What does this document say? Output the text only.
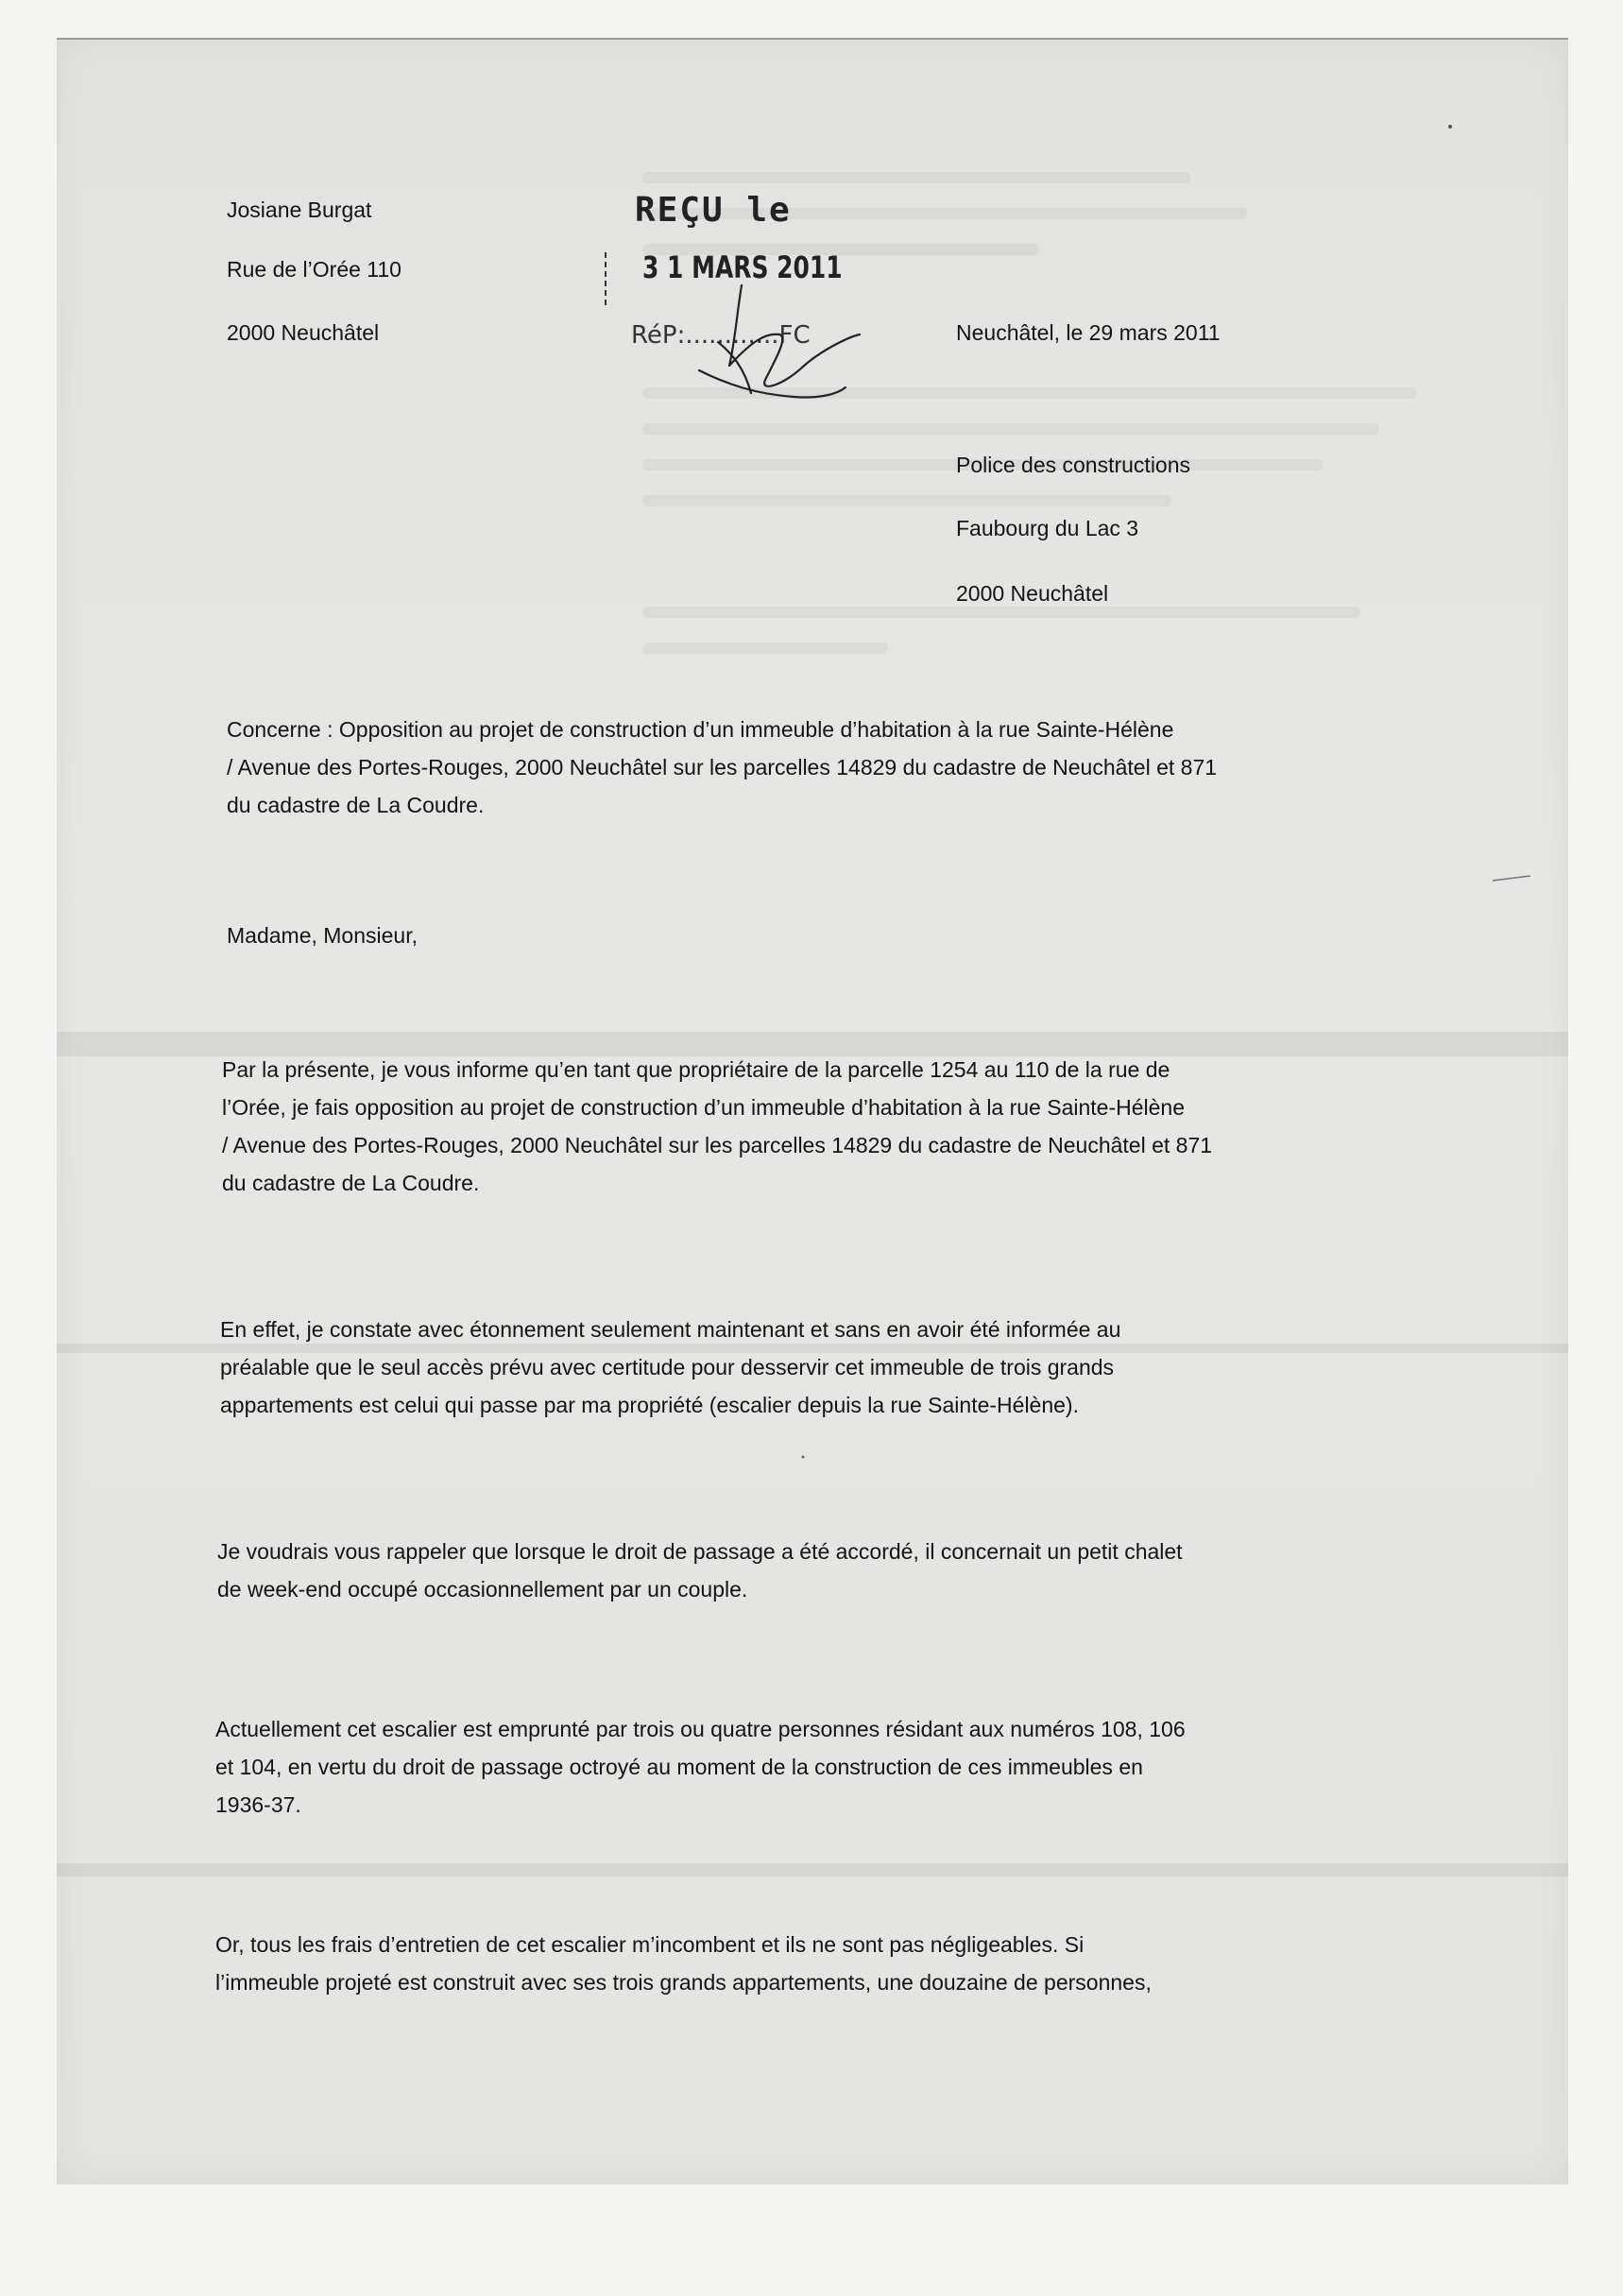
Josiane Burgat
Rue de l’Orée 110
2000 Neuchâtel
REÇU le
3 1 MARS 2011
RéP:............FC	Neuchâtel, le 29 mars 2011
Police des constructions
Faubourg du Lac 3
2000 Neuchâtel
Concerne : Opposition au projet de construction d’un immeuble d’habitation à la rue Sainte-Hélène
/ Avenue des Portes-Rouges, 2000 Neuchâtel sur les parcelles 14829 du cadastre de Neuchâtel et 871
du cadastre de La Coudre.
Madame, Monsieur,
Par la présente, je vous informe qu’en tant que propriétaire de la parcelle 1254 au 110 de la rue de
l’Orée, je fais opposition au projet de construction d’un immeuble d’habitation à la rue Sainte-Hélène
/ Avenue des Portes-Rouges, 2000 Neuchâtel sur les parcelles 14829 du cadastre de Neuchâtel et 871
du cadastre de La Coudre.
En effet, je constate avec étonnement seulement maintenant et sans en avoir été informée au
préalable que le seul accès prévu avec certitude pour desservir cet immeuble de trois grands
appartements est celui qui passe par ma propriété (escalier depuis la rue Sainte-Hélène).
Je voudrais vous rappeler que lorsque le droit de passage a été accordé, il concernait un petit chalet
de week-end occupé occasionnellement par un couple.
Actuellement cet escalier est emprunté par trois ou quatre personnes résidant aux numéros 108, 106
et 104, en vertu du droit de passage octroyé au moment de la construction de ces immeubles en
1936-37.
Or, tous les frais d’entretien de cet escalier m’incombent et ils ne sont pas négligeables. Si
l’immeuble projeté est construit avec ses trois grands appartements, une douzaine de personnes,
